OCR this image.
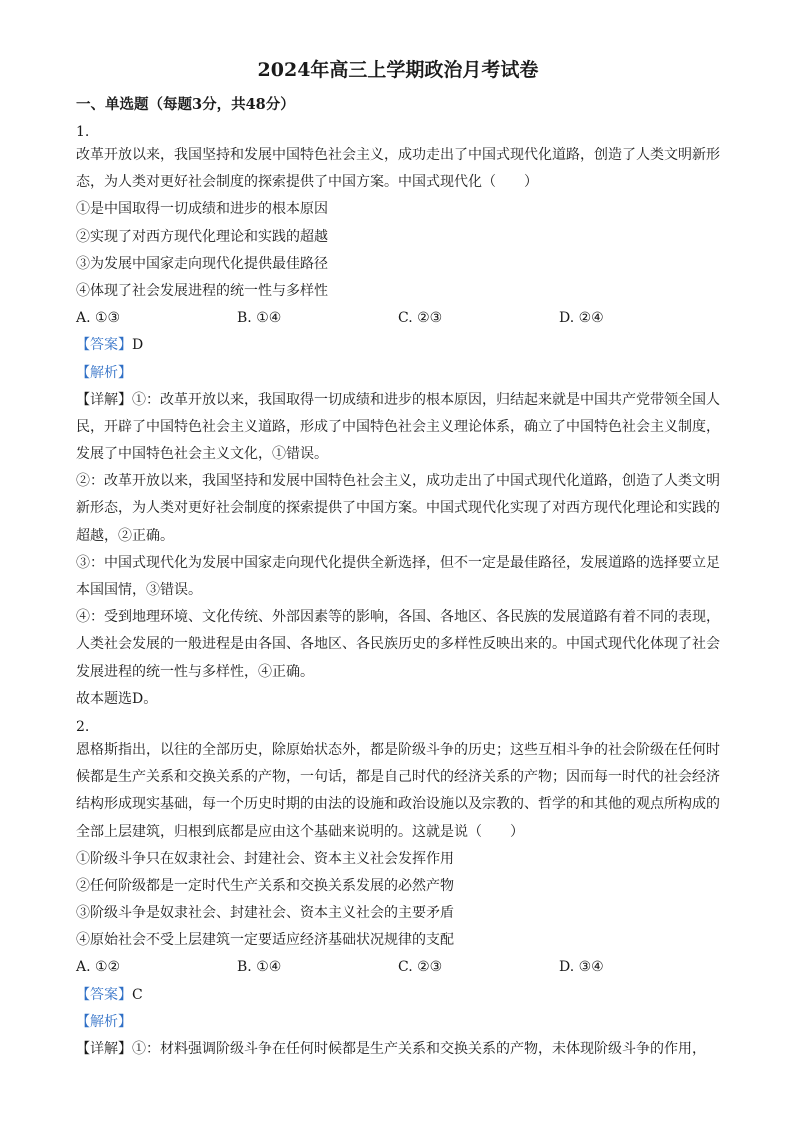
2024年高三上学期政治月考试卷
一、单选题（每题3分，共48分）
1.
改革开放以来，我国坚持和发展中国特色社会主义，成功走出了中国式现代化道路，创造了人类文明新形态，为人类对更好社会制度的探索提供了中国方案。中国式现代化（　　）
①是中国取得一切成绩和进步的根本原因
②实现了对西方现代化理论和实践的超越
③为发展中国家走向现代化提供最佳路径
④体现了社会发展进程的统一性与多样性
A. ①③	B. ①④	C. ②③	D. ②④
【答案】D
【解析】
【详解】①：改革开放以来，我国取得一切成绩和进步的根本原因，归结起来就是中国共产党带领全国人
民，开辟了中国特色社会主义道路，形成了中国特色社会主义理论体系，确立了中国特色社会主义制度，
发展了中国特色社会主义文化，①错误。
②：改革开放以来，我国坚持和发展中国特色社会主义，成功走出了中国式现代化道路，创造了人类文明
新形态，为人类对更好社会制度的探索提供了中国方案。中国式现代化实现了对西方现代化理论和实践的
超越，②正确。
③：中国式现代化为发展中国家走向现代化提供全新选择，但不一定是最佳路径，发展道路的选择要立足
本国国情，③错误。
④：受到地理环境、文化传统、外部因素等的影响，各国、各地区、各民族的发展道路有着不同的表现，
人类社会发展的一般进程是由各国、各地区、各民族历史的多样性反映出来的。中国式现代化体现了社会
发展进程的统一性与多样性，④正确。
故本题选D。
2.
恩格斯指出，以往的全部历史，除原始状态外，都是阶级斗争的历史；这些互相斗争的社会阶级在任何时
候都是生产关系和交换关系的产物，一句话，都是自己时代的经济关系的产物；因而每一时代的社会经济
结构形成现实基础，每一个历史时期的由法的设施和政治设施以及宗教的、哲学的和其他的观点所构成的
全部上层建筑，归根到底都是应由这个基础来说明的。这就是说（　　）
①阶级斗争只在奴隶社会、封建社会、资本主义社会发挥作用
②任何阶级都是一定时代生产关系和交换关系发展的必然产物
③阶级斗争是奴隶社会、封建社会、资本主义社会的主要矛盾
④原始社会不受上层建筑一定要适应经济基础状况规律的支配
A. ①②	B. ①④	C. ②③	D. ③④
【答案】C
【解析】
【详解】①：材料强调阶级斗争在任何时候都是生产关系和交换关系的产物，未体现阶级斗争的作用，
